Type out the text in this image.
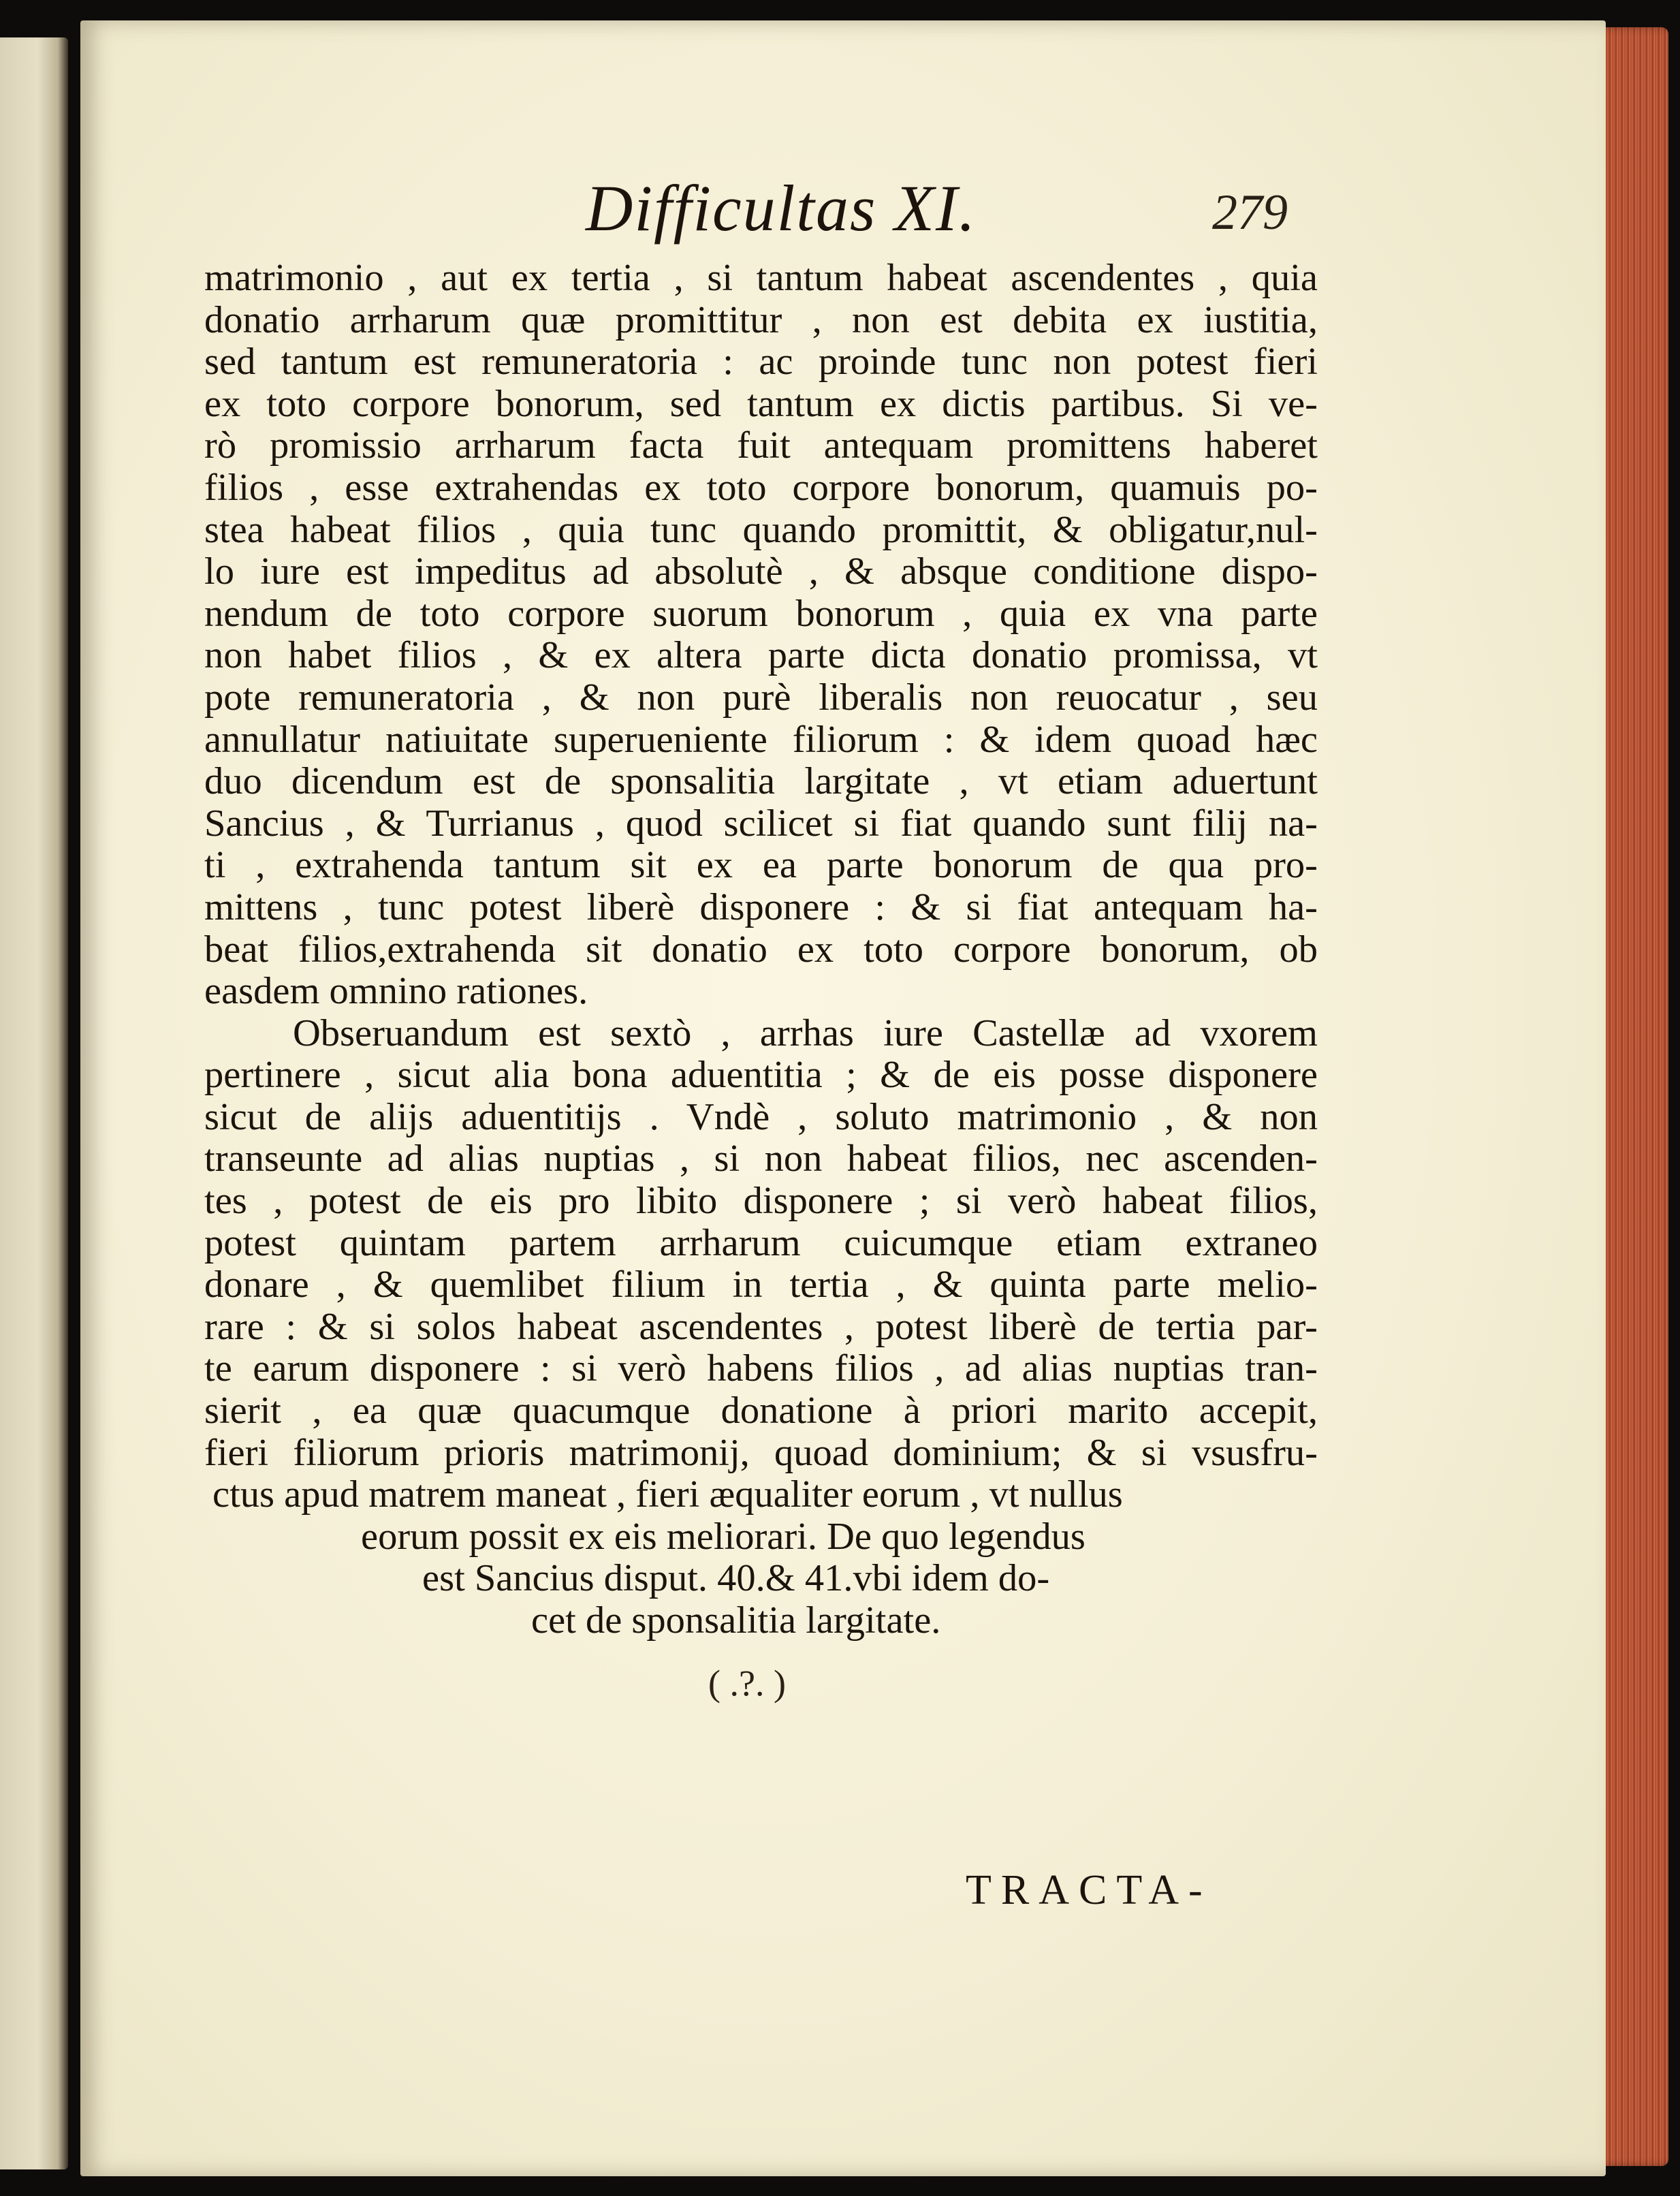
Difficultas XI.	279
matrimonio , aut ex tertia , si tantum habeat ascendentes , quia
donatio arrharum quæ promittitur , non est debita ex iustitia,
sed tantum est remuneratoria : ac proinde tunc non potest fieri
ex toto corpore bonorum, sed tantum ex dictis partibus. Si ve-
rò promissio arrharum facta fuit antequam promittens haberet
filios , esse extrahendas ex toto corpore bonorum, quamuis po-
stea habeat filios , quia tunc quando promittit, & obligatur,nul-
lo iure est impeditus ad absolutè , & absque conditione dispo-
nendum de toto corpore suorum bonorum , quia ex vna parte
non habet filios , & ex altera parte dicta donatio promissa, vt
pote remuneratoria , & non purè liberalis non reuocatur , seu
annullatur natiuitate superueniente filiorum : & idem quoad hæc
duo dicendum est de sponsalitia largitate , vt etiam aduertunt
Sancius , & Turrianus , quod scilicet si fiat quando sunt filij na-
ti , extrahenda tantum sit ex ea parte bonorum de qua pro-
mittens , tunc potest liberè disponere : & si fiat antequam ha-
beat filios,extrahenda sit donatio ex toto corpore bonorum, ob
easdem omnino rationes.
Obseruandum est sextò , arrhas iure Castellæ ad vxorem
pertinere , sicut alia bona aduentitia ; & de eis posse disponere
sicut de alijs aduentitijs . Vndè , soluto matrimonio , & non
transeunte ad alias nuptias , si non habeat filios, nec ascenden-
tes , potest de eis pro libito disponere ; si verò habeat filios,
potest quintam partem arrharum cuicumque etiam extraneo
donare , & quemlibet filium in tertia , & quinta parte melio-
rare : & si solos habeat ascendentes , potest liberè de tertia par-
te earum disponere : si verò habens filios , ad alias nuptias tran-
sierit , ea quæ quacumque donatione à priori marito accepit,
fieri filiorum prioris matrimonij, quoad dominium; & si vsusfru-
ctus apud matrem maneat , fieri æqualiter eorum , vt nullus
eorum possit ex eis meliorari. De quo legendus
est Sancius disput. 40.& 41.vbi idem do-
cet de sponsalitia largitate.
( .?. )
TRACTA-
